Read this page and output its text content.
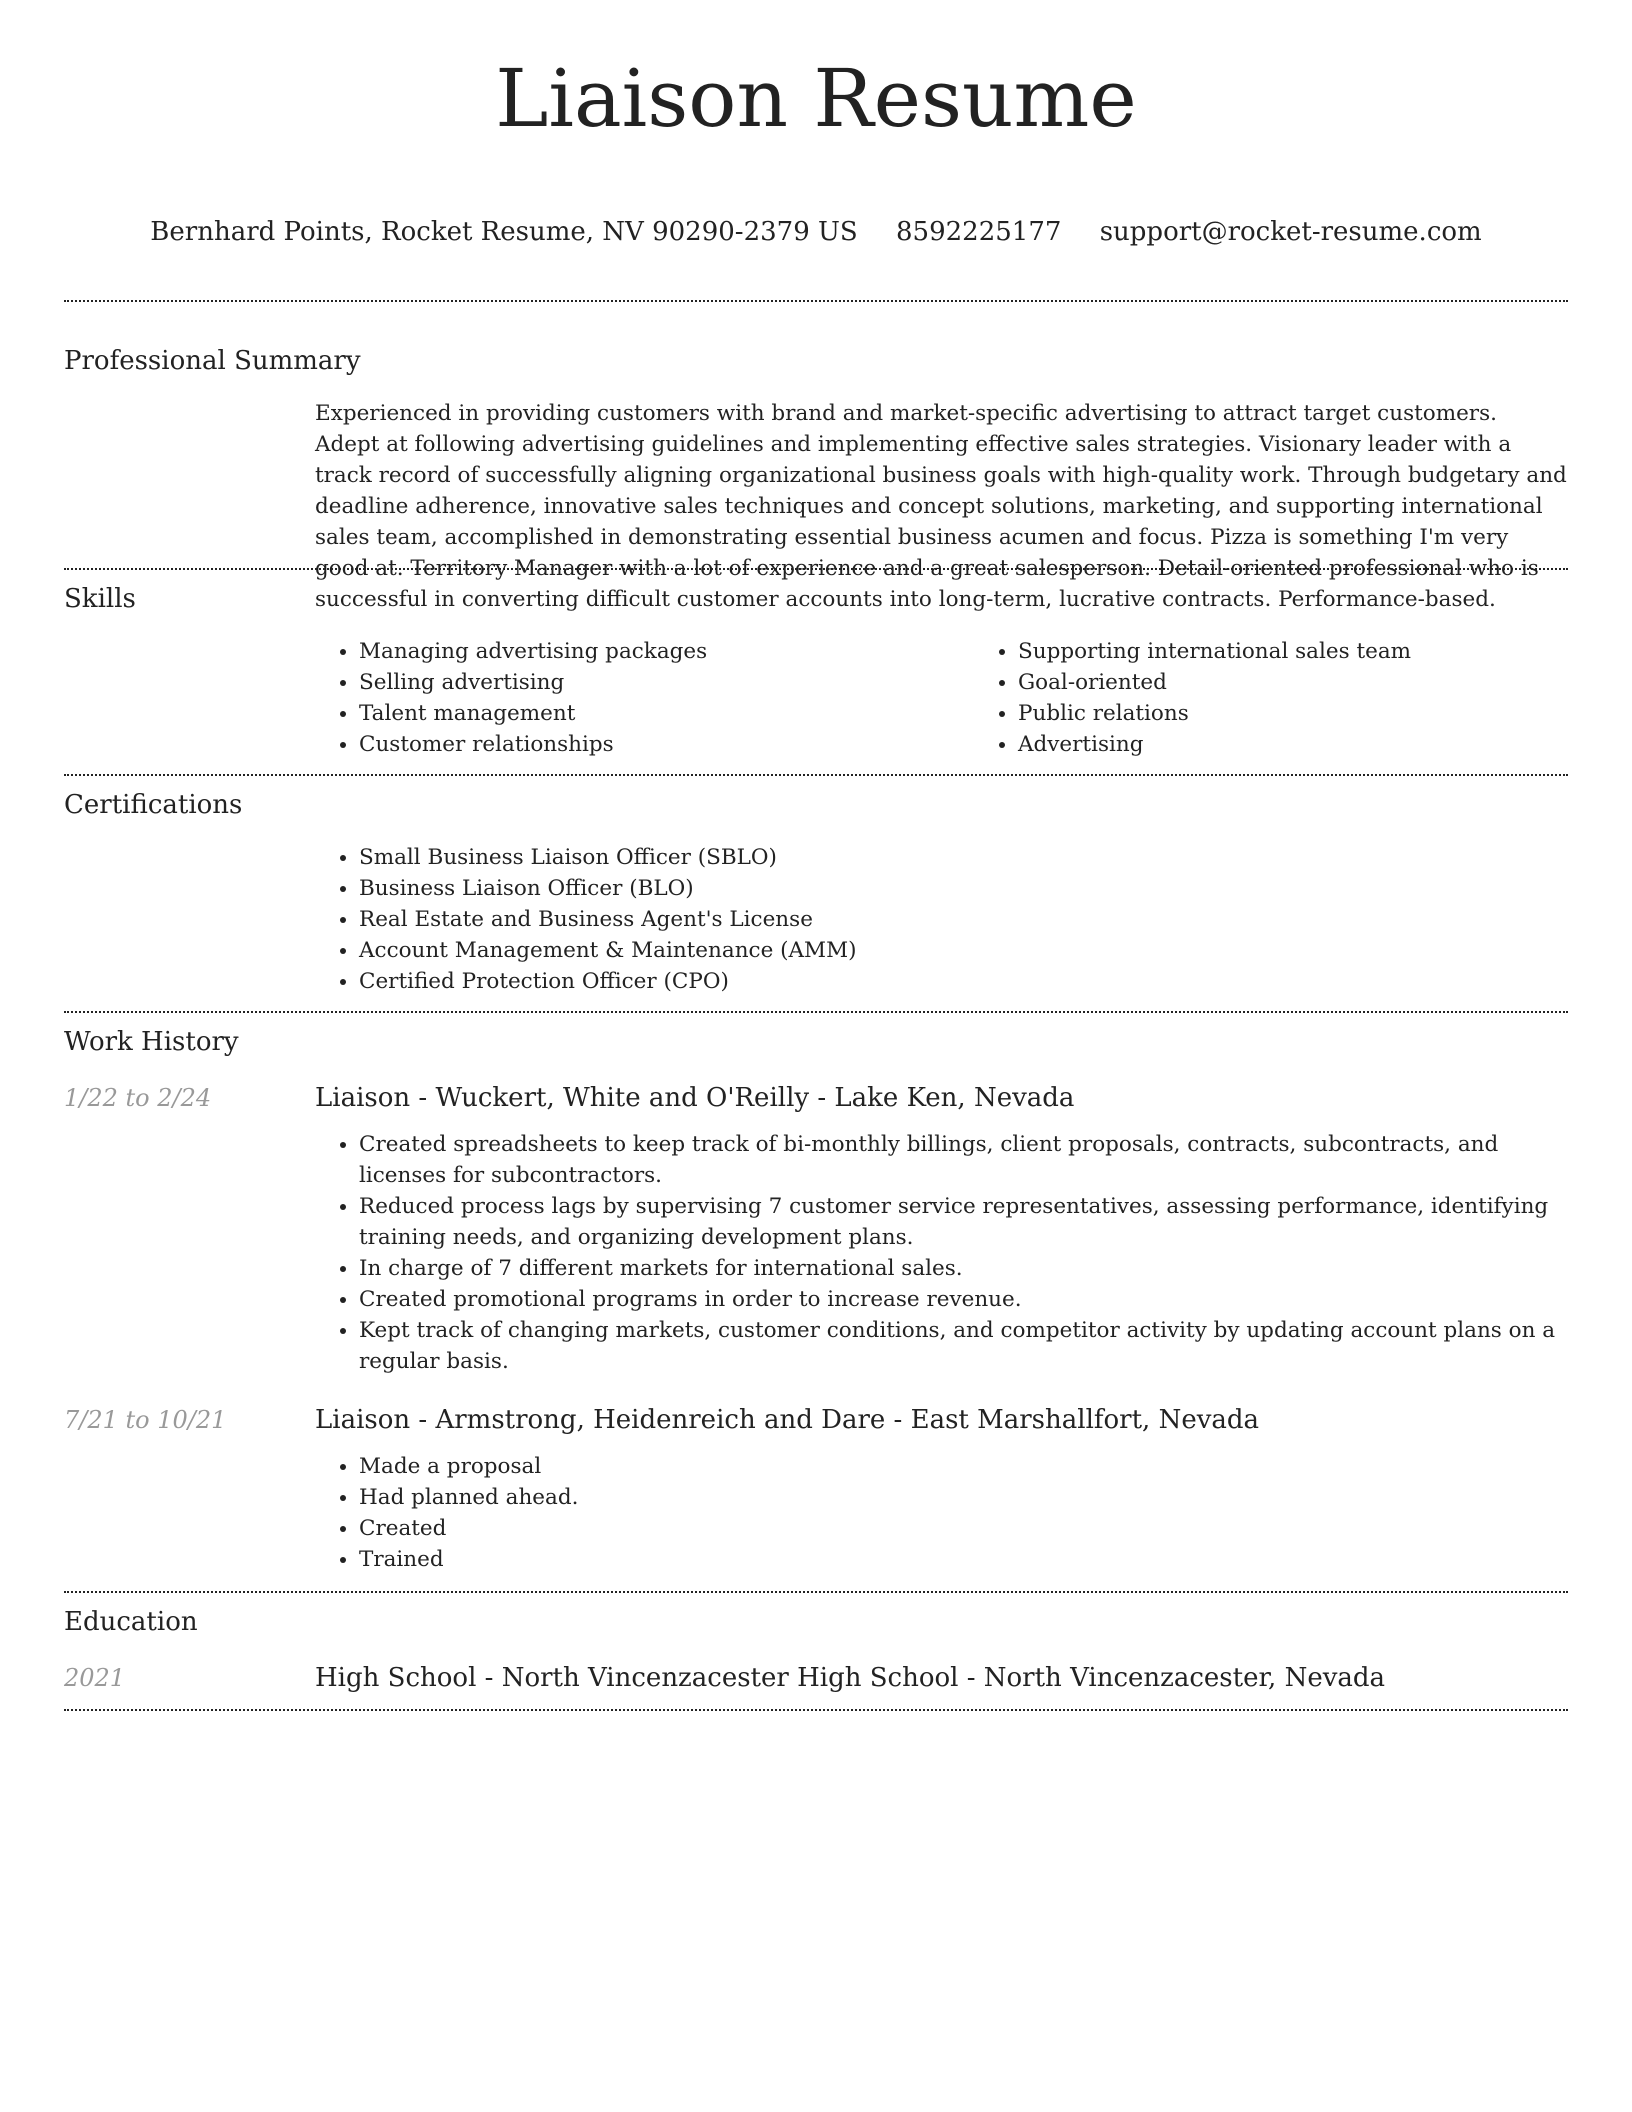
Liaison Resume
Bernhard Points, Rocket Resume, NV 90290-2379 US 8592225177 support@rocket-resume.com
Professional Summary

Experienced in providing customers with brand and market-specific advertising to attract target customers. Adept at following advertising guidelines and implementing effective sales strategies. Visionary leader with a track record of successfully aligning organizational business goals with high-quality work. Through budgetary and deadline adherence, innovative sales techniques and concept solutions, marketing, and supporting international sales team, accomplished in demonstrating essential business acumen and focus. Pizza is something I'm very good at. Territory Manager with a lot of experience and a great salesperson. Detail-oriented professional who is successful in converting difficult customer accounts into long-term, lucrative contracts. Performance-based.

Skills
• Managing advertising packages
• Selling advertising
• Talent management
• Customer relationships
• Supporting international sales team
• Goal-oriented
• Public relations
• Advertising
Certifications
• Small Business Liaison Officer (SBLO)
• Business Liaison Officer (BLO)
• Real Estate and Business Agent's License
• Account Management & Maintenance (AMM)
• Certified Protection Officer (CPO)
Work History
1/22 to 2/24	Liaison - Wuckert, White and O'Reilly - Lake Ken, Nevada
• Created spreadsheets to keep track of bi-monthly billings, client proposals, contracts, subcontracts, and licenses for subcontractors.
• Reduced process lags by supervising 7 customer service representatives, assessing performance, identifying training needs, and organizing development plans.
• In charge of 7 different markets for international sales.
• Created promotional programs in order to increase revenue.
• Kept track of changing markets, customer conditions, and competitor activity by updating account plans on a regular basis.
7/21 to 10/21	Liaison - Armstrong, Heidenreich and Dare - East Marshallfort, Nevada
• Made a proposal
• Had planned ahead.
• Created
• Trained
Education
2021	High School - North Vincenzacester High School - North Vincenzacester, Nevada
